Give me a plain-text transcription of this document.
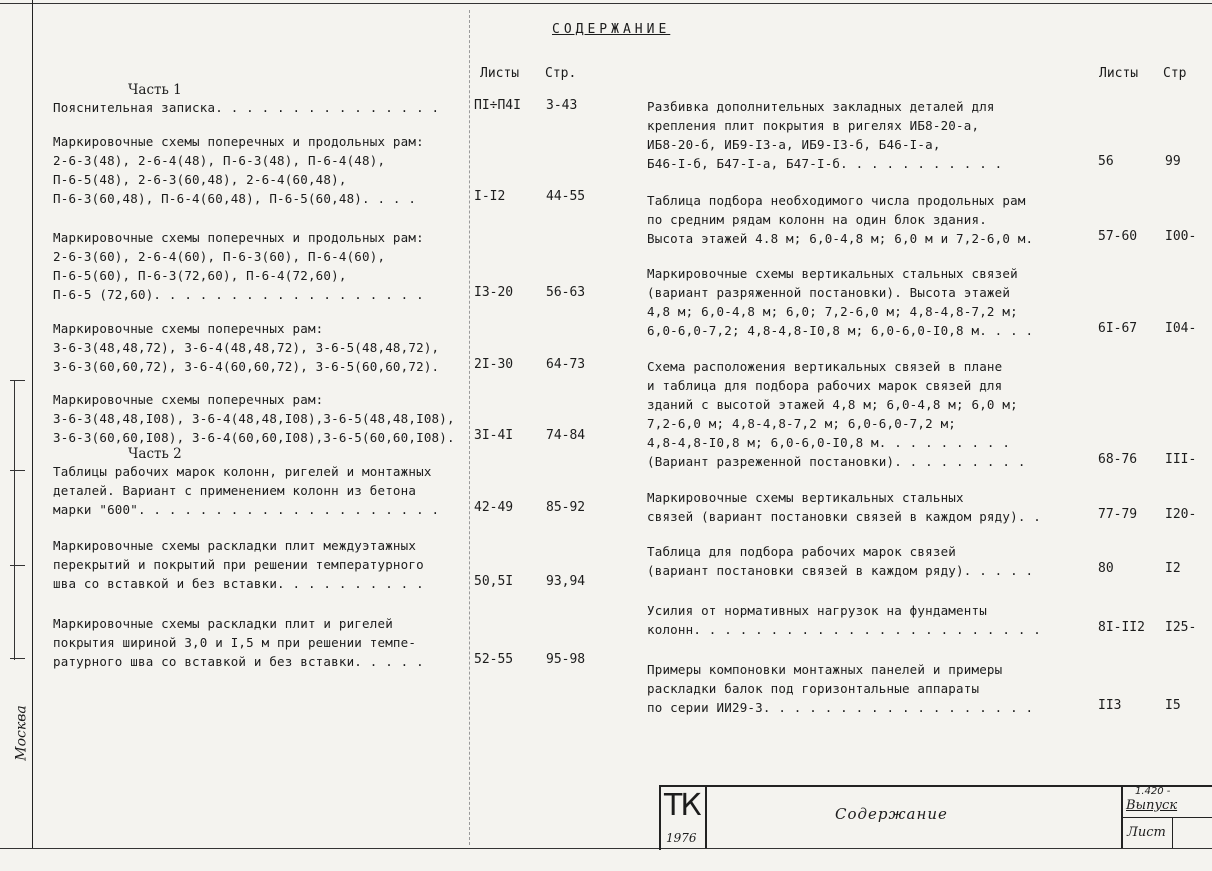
Москва
СОДЕРЖАНИЕ
Листы Стр.	Листы Стр
Часть 1
Часть 2
Пояснительная записка. . . . . . . . . . . . . . .	ПI÷П4I 3-43
Маркировочные схемы поперечных и продольных рам:
2-6-3(48), 2-6-4(48), П-6-3(48), П-6-4(48),
П-6-5(48), 2-6-3(60,48), 2-6-4(60,48),
П-6-3(60,48), П-6-4(60,48), П-6-5(60,48). . . .	I-I2	44-55
Маркировочные схемы поперечных и продольных рам:
2-6-3(60), 2-6-4(60), П-6-3(60), П-6-4(60),
П-6-5(60), П-6-3(72,60), П-6-4(72,60),
П-6-5 (72,60). . . . . . . . . . . . . . . . . .	I3-20	56-63
Маркировочные схемы поперечных рам:
3-6-3(48,48,72), 3-6-4(48,48,72), 3-6-5(48,48,72),
3-6-3(60,60,72), 3-6-4(60,60,72), 3-6-5(60,60,72).	2I-30	64-73
Маркировочные схемы поперечных рам:
3-6-3(48,48,I08), 3-6-4(48,48,I08),3-6-5(48,48,I08),
3-6-3(60,60,I08), 3-6-4(60,60,I08),3-6-5(60,60,I08). 3I-4I	74-84
Таблицы рабочих марок колонн, ригелей и монтажных
деталей. Вариант с применением колонн из бетона
марки "600". . . . . . . . . . . . . . . . . . . .	42-49	85-92
Маркировочные схемы раскладки плит междуэтажных
перекрытий и покрытий при решении температурного
шва со вставкой и без вставки. . . . . . . . . .	50,5I	93,94
Маркировочные схемы раскладки плит и ригелей
покрытия шириной 3,0 и I,5 м при решении темпе-
ратурного шва со вставкой и без вставки. . . . .	52-55	95-98
Разбивка дополнительных закладных деталей для
крепления плит покрытия в ригелях ИБ8-20-а,
ИБ8-20-б, ИБ9-I3-а, ИБ9-I3-б, Б46-I-а,
Б46-I-б, Б47-I-а, Б47-I-б. . . . . . . . . . .	56	99
Таблица подбора необходимого числа продольных рам
по средним рядам колонн на один блок здания.
Высота этажей 4.8 м; 6,0-4,8 м; 6,0 м и 7,2-6,0 м.	57-60 I00-
Маркировочные схемы вертикальных стальных связей
(вариант разряженной постановки). Высота этажей
4,8 м; 6,0-4,8 м; 6,0; 7,2-6,0 м; 4,8-4,8-7,2 м;
6,0-6,0-7,2; 4,8-4,8-I0,8 м; 6,0-6,0-I0,8 м. . . .	6I-67 I04-
Схема расположения вертикальных связей в плане
и таблица для подбора рабочих марок связей для
зданий с высотой этажей 4,8 м; 6,0-4,8 м; 6,0 м;
7,2-6,0 м; 4,8-4,8-7,2 м; 6,0-6,0-7,2 м;
4,8-4,8-I0,8 м; 6,0-6,0-I0,8 м. . . . . . . . .
(Вариант разреженной постановки). . . . . . . . .	68-76 III-
Маркировочные схемы вертикальных стальных
связей (вариант постановки связей в каждом ряду). .	77-79 I20-
Таблица для подбора рабочих марок связей
(вариант постановки связей в каждом ряду). . . . .	80	I2
Усилия от нормативных нагрузок на фундаменты
колонн. . . . . . . . . . . . . . . . . . . . . . .	8I-II2 I25-
Примеры компоновки монтажных панелей и примеры
раскладки балок под горизонтальные аппараты
по серии ИИ29-3. . . . . . . . . . . . . . . . . .	II3	I5
ТК
1976
Содержание
1.420 -
Выпуск
Лист
